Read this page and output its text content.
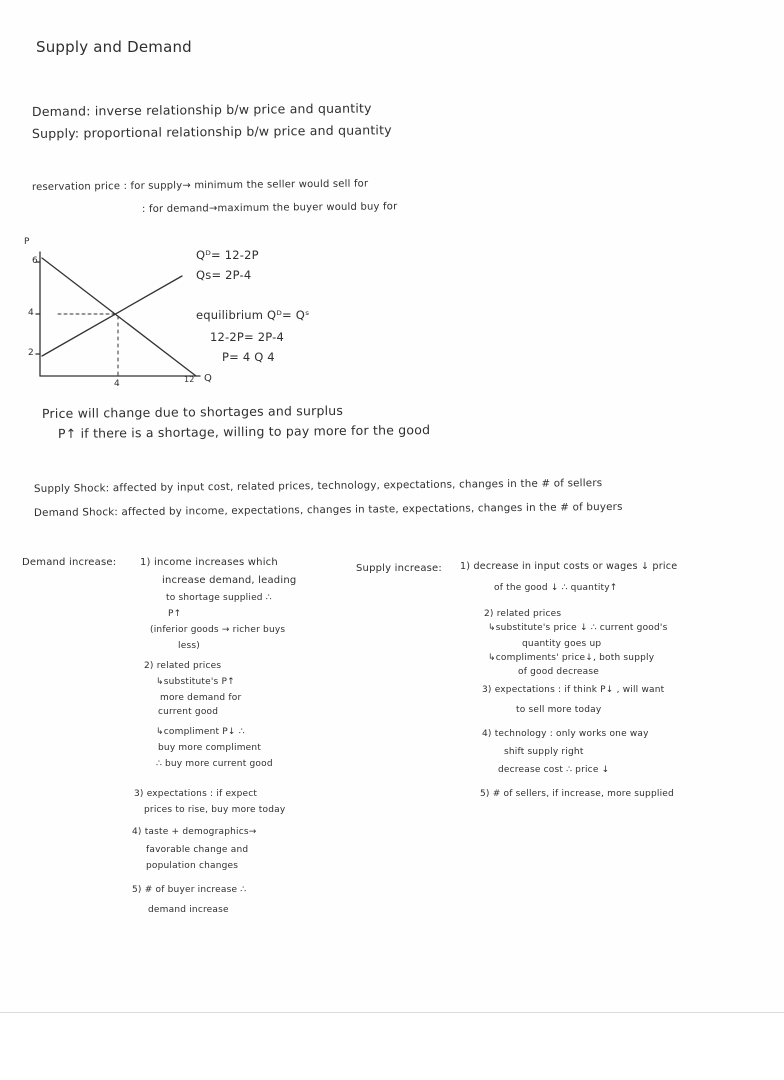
Supply and Demand
Demand: inverse relationship b/w price and quantity
Supply: proportional relationship b/w price and quantity
reservation price : for supply→ minimum the seller would sell for
: for demand→maximum the buyer would buy for
P
6
4
2
4	12 Q
Qᴰ= 12-2P
Qs= 2P-4
equilibrium Qᴰ= Qˢ
12-2P= 2P-4
P= 4 Q 4
Price will change due to shortages and surplus
P↑ if there is a shortage, willing to pay more for the good
Supply Shock: affected by input cost, related prices, technology, expectations, changes in the # of sellers
Demand Shock: affected by income, expectations, changes in taste, expectations, changes in the # of buyers
Demand increase: 1) income increases which
increase demand, leading
to shortage supplied ∴
P↑
(inferior goods → richer buys
less)
2) related prices
↳substitute's P↑
more demand for
current good
↳compliment P↓ ∴
buy more compliment
∴ buy more current good
3) expectations : if expect
prices to rise, buy more today
4) taste + demographics→
favorable change and
population changes
5) # of buyer increase ∴
demand increase
Supply increase: 1) decrease in input costs or wages ↓ price
of the good ↓ ∴ quantity↑
2) related prices
↳substitute's price ↓ ∴ current good's
quantity goes up
↳compliments' price↓, both supply
of good decrease
3) expectations : if think P↓ , will want
to sell more today
4) technology : only works one way
shift supply right
decrease cost ∴ price ↓
5) # of sellers, if increase, more supplied
